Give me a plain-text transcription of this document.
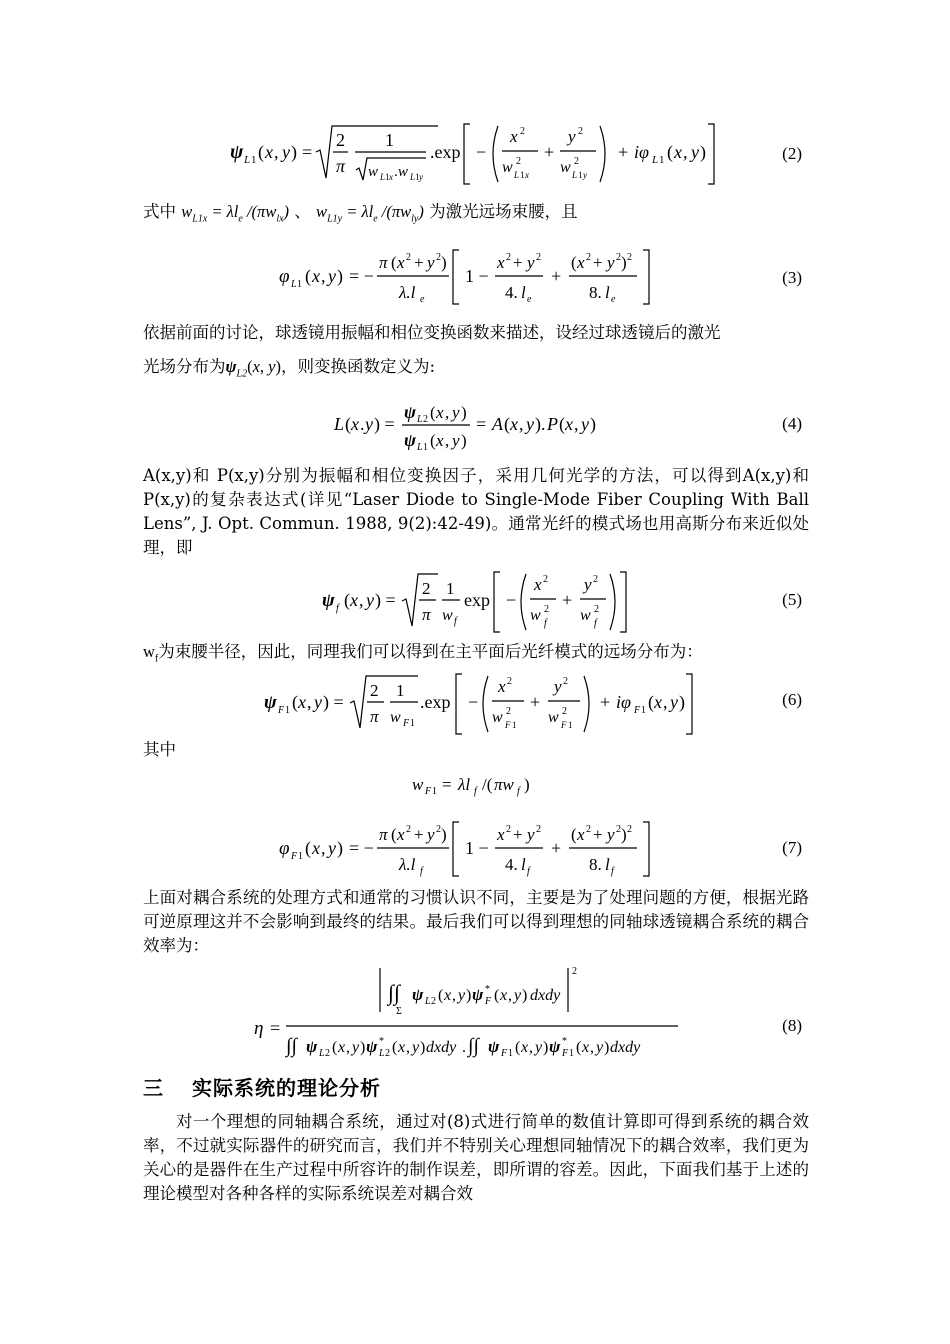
ψ L 1 ( x , y ) =
2
π
1
w L 1 x . w L 1 y
.exp −
x 2
w 2
L 1 x
+
y 2
w 2
L 1 y
+ iφ L 1 ( x , y )	(2)
式中 $w_{L1x} = \lambda l_e$ $/(\pi w_{lx})$ 、 $w_{L1y} = \lambda l_e$ $/(\pi w_{ly})$ 为激光远场束腰，且
φ L 1 ( x , y ) = −
π ( x 2 + y 2 )
λ.l e
1 −
x 2 + y 2
4. l e
+
( x 2 + y 2 ) 2
8. l e
(3)

依据前面的讨论，球透镜用振幅和相位变换函数来描述，设经过球透镜后的激光

光场分布为$\psi_{L2}(x$, y)，则变换函数定义为:

L ( x . y ) =
ψ L 2 ( x , y )
ψ L 1 ( x , y )
= A ( x , y ). P ( x , y )	(4)

A(x,y)和 P(x,y)分别为振幅和相位变换因子，采用几何光学的方法，可以得到A(x,y)和 P(x,y)的复杂表达式(详见“Laser Diode to Single-Mode Fiber Coupling With Ball Lens”, J. Opt. Commun. 1988, 9(2):42-49)。通常光纤的模式场也用高斯分布来近似处理，即

ψ f ( x , y ) =
2
π
1
w f
exp −
x 2
w 2
f
+
y 2
w 2
f
(5)
$w_f$为束腰半径，因此，同理我们可以得到在主平面后光纤模式的远场分布为：
ψ F 1 ( x , y ) =
2
π
1
w F 1
.exp −
x 2
w 2
F 1
+
y 2
w 2
F 1
+ iφ F 1 ( x , y )	(6)
其中
w F 1 = λl f /( πw f )
φ F 1 ( x , y ) = −
π ( x 2 + y 2 )
λ.l f
1 −
x 2 + y 2
4. l f
+
( x 2 + y 2 ) 2
8. l f
(7)

上面对耦合系统的处理方式和通常的习惯认识不同，主要是为了处理问题的方便，根据光路可逆原理这并不会影响到最终的结果。最后我们可以得到理想的同轴球透镜耦合系统的耦合效率为：

η =
∫∫
Σ
ψ L 2 ( x , y ) ψ *
F ( x , y ) dxdy
2
∫∫ ψ L 2 ( x , y ) ψ *
L 2 ( x , y ) dxdy . ∫∫ ψ F 1 ( x , y ) ψ *
F 1 ( x , y ) dxdy
(8)
三 实际系统的理论分析

对一个理想的同轴耦合系统，通过对(8)式进行简单的数值计算即可得到系统的耦合效率，不过就实际器件的研究而言，我们并不特别关心理想同轴情况下的耦合效率，我们更为关心的是器件在生产过程中所容许的制作误差，即所谓的容差。因此，下面我们基于上述的理论模型对各种各样的实际系统误差对耦合效
